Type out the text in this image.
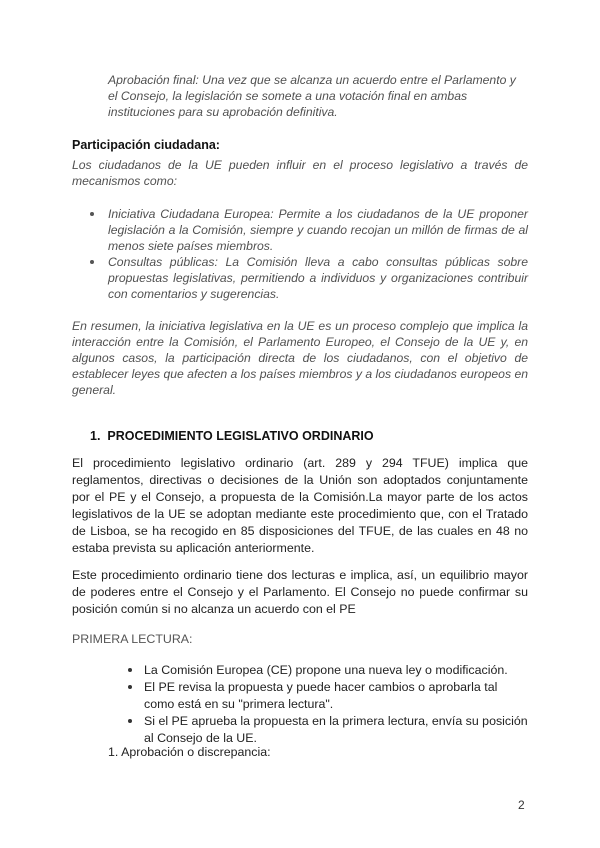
Aprobación final: Una vez que se alcanza un acuerdo entre el Parlamento y el Consejo, la legislación se somete a una votación final en ambas instituciones para su aprobación definitiva.
Participación ciudadana:
Los ciudadanos de la UE pueden influir en el proceso legislativo a través de mecanismos como:
Iniciativa Ciudadana Europea: Permite a los ciudadanos de la UE proponer legislación a la Comisión, siempre y cuando recojan un millón de firmas de al menos siete países miembros.
Consultas públicas: La Comisión lleva a cabo consultas públicas sobre propuestas legislativas, permitiendo a individuos y organizaciones contribuir con comentarios y sugerencias.
En resumen, la iniciativa legislativa en la UE es un proceso complejo que implica la interacción entre la Comisión, el Parlamento Europeo, el Consejo de la UE y, en algunos casos, la participación directa de los ciudadanos, con el objetivo de establecer leyes que afecten a los países miembros y a los ciudadanos europeos en general.
1. PROCEDIMIENTO LEGISLATIVO ORDINARIO
El procedimiento legislativo ordinario (art. 289 y 294 TFUE) implica que reglamentos, directivas o decisiones de la Unión son adoptados conjuntamente por el PE y el Consejo, a propuesta de la Comisión.La mayor parte de los actos legislativos de la UE se adoptan mediante este procedimiento que, con el Tratado de Lisboa, se ha recogido en 85 disposiciones del TFUE, de las cuales en 48 no estaba prevista su aplicación anteriormente.
Este procedimiento ordinario tiene dos lecturas e implica, así, un equilibrio mayor de poderes entre el Consejo y el Parlamento. El Consejo no puede confirmar su posición común si no alcanza un acuerdo con el PE
PRIMERA LECTURA:
La Comisión Europea (CE) propone una nueva ley o modificación.
El PE revisa la propuesta y puede hacer cambios o aprobarla tal como está en su "primera lectura".
Si el PE aprueba la propuesta en la primera lectura, envía su posición al Consejo de la UE.
1. Aprobación o discrepancia:
2
